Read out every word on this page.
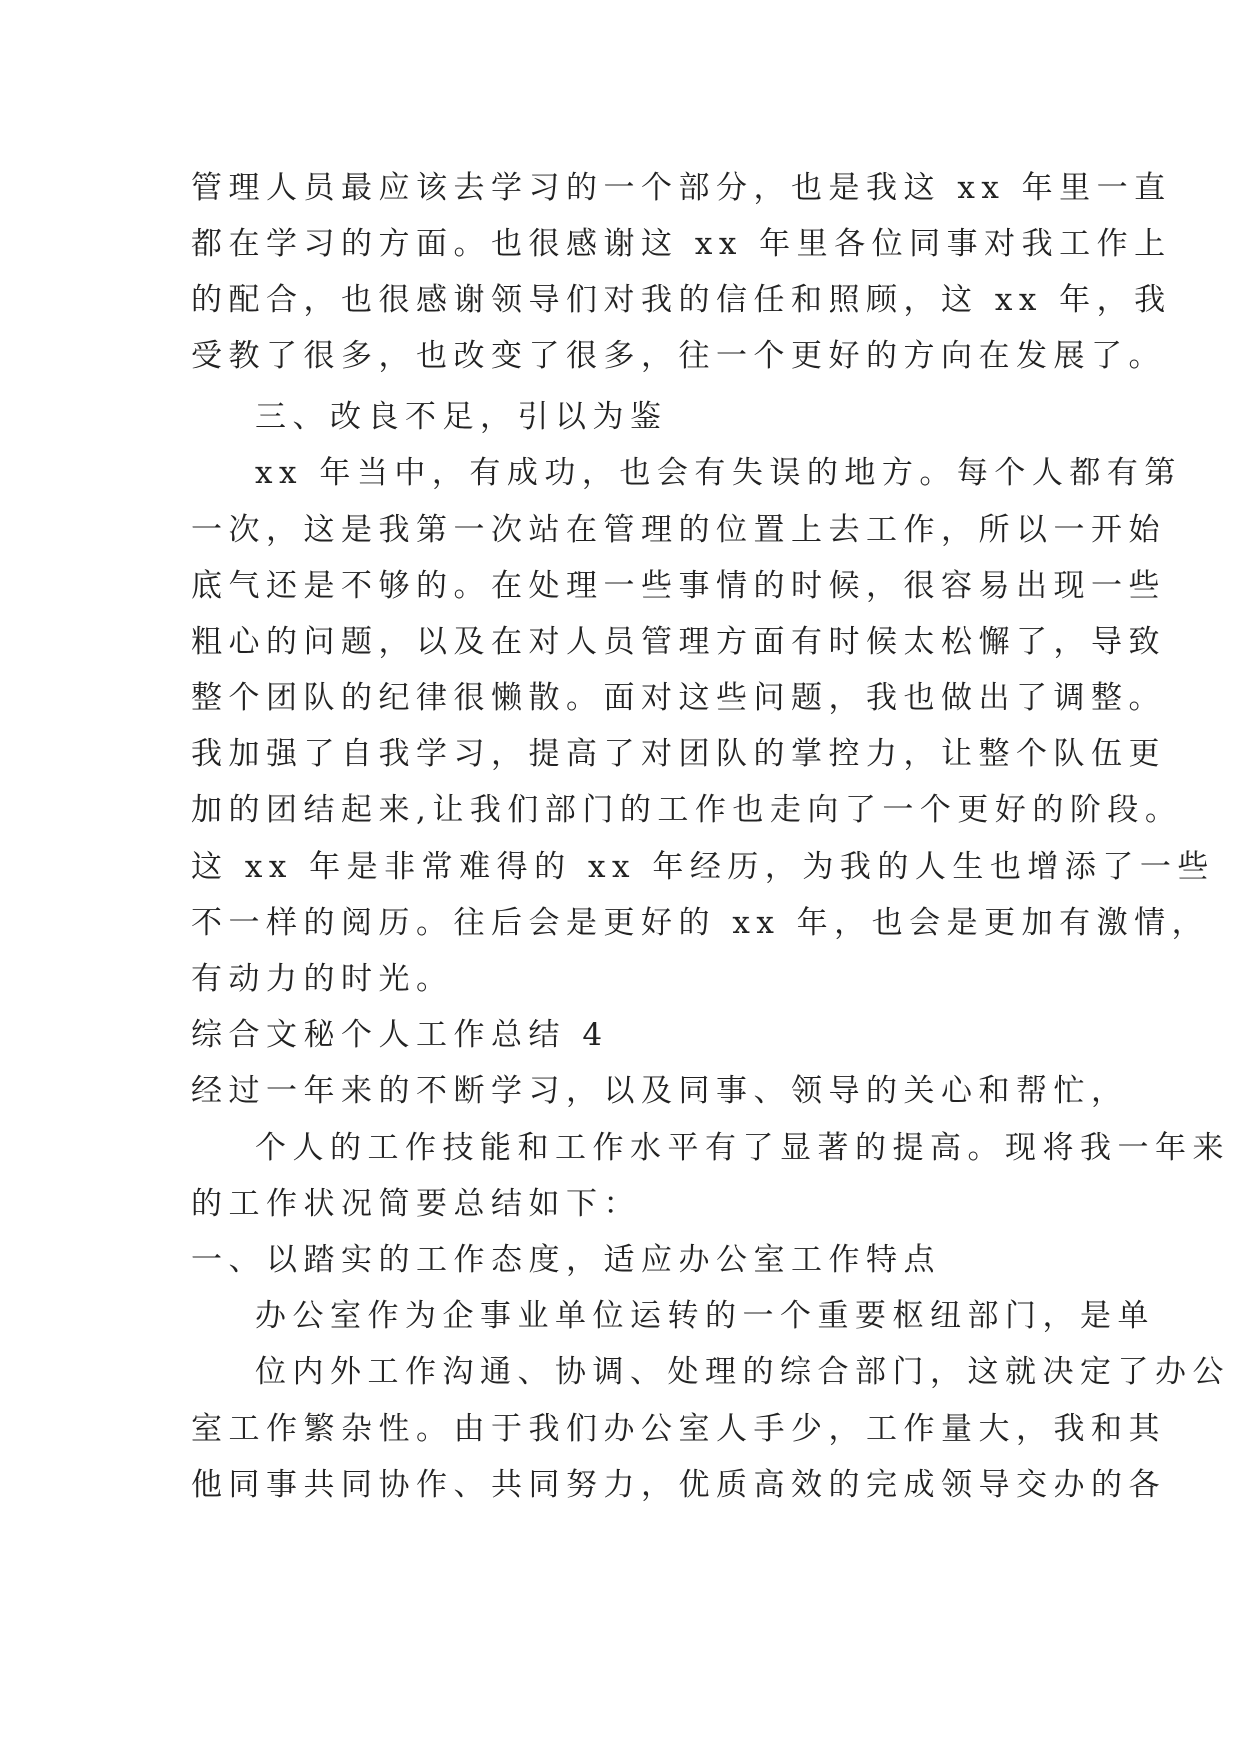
管理人员最应该去学习的一个部分，也是我这 xx 年里一直
都在学习的方面。也很感谢这 xx 年里各位同事对我工作上
的配合，也很感谢领导们对我的信任和照顾，这 xx 年，我
受教了很多，也改变了很多，往一个更好的方向在发展了。
三、改良不足，引以为鉴
xx 年当中，有成功，也会有失误的地方。每个人都有第
一次，这是我第一次站在管理的位置上去工作，所以一开始
底气还是不够的。在处理一些事情的时候，很容易出现一些
粗心的问题，以及在对人员管理方面有时候太松懈了，导致
整个团队的纪律很懒散。面对这些问题，我也做出了调整。
我加强了自我学习，提高了对团队的掌控力，让整个队伍更
加的团结起来,让我们部门的工作也走向了一个更好的阶段。
这 xx 年是非常难得的 xx 年经历，为我的人生也增添了一些
不一样的阅历。往后会是更好的 xx 年，也会是更加有激情，
有动力的时光。
综合文秘个人工作总结 4
经过一年来的不断学习，以及同事、领导的关心和帮忙，
个人的工作技能和工作水平有了显著的提高。现将我一年来
的工作状况简要总结如下：
一、以踏实的工作态度，适应办公室工作特点
办公室作为企事业单位运转的一个重要枢纽部门，是单
位内外工作沟通、协调、处理的综合部门，这就决定了办公
室工作繁杂性。由于我们办公室人手少，工作量大，我和其
他同事共同协作、共同努力，优质高效的完成领导交办的各
